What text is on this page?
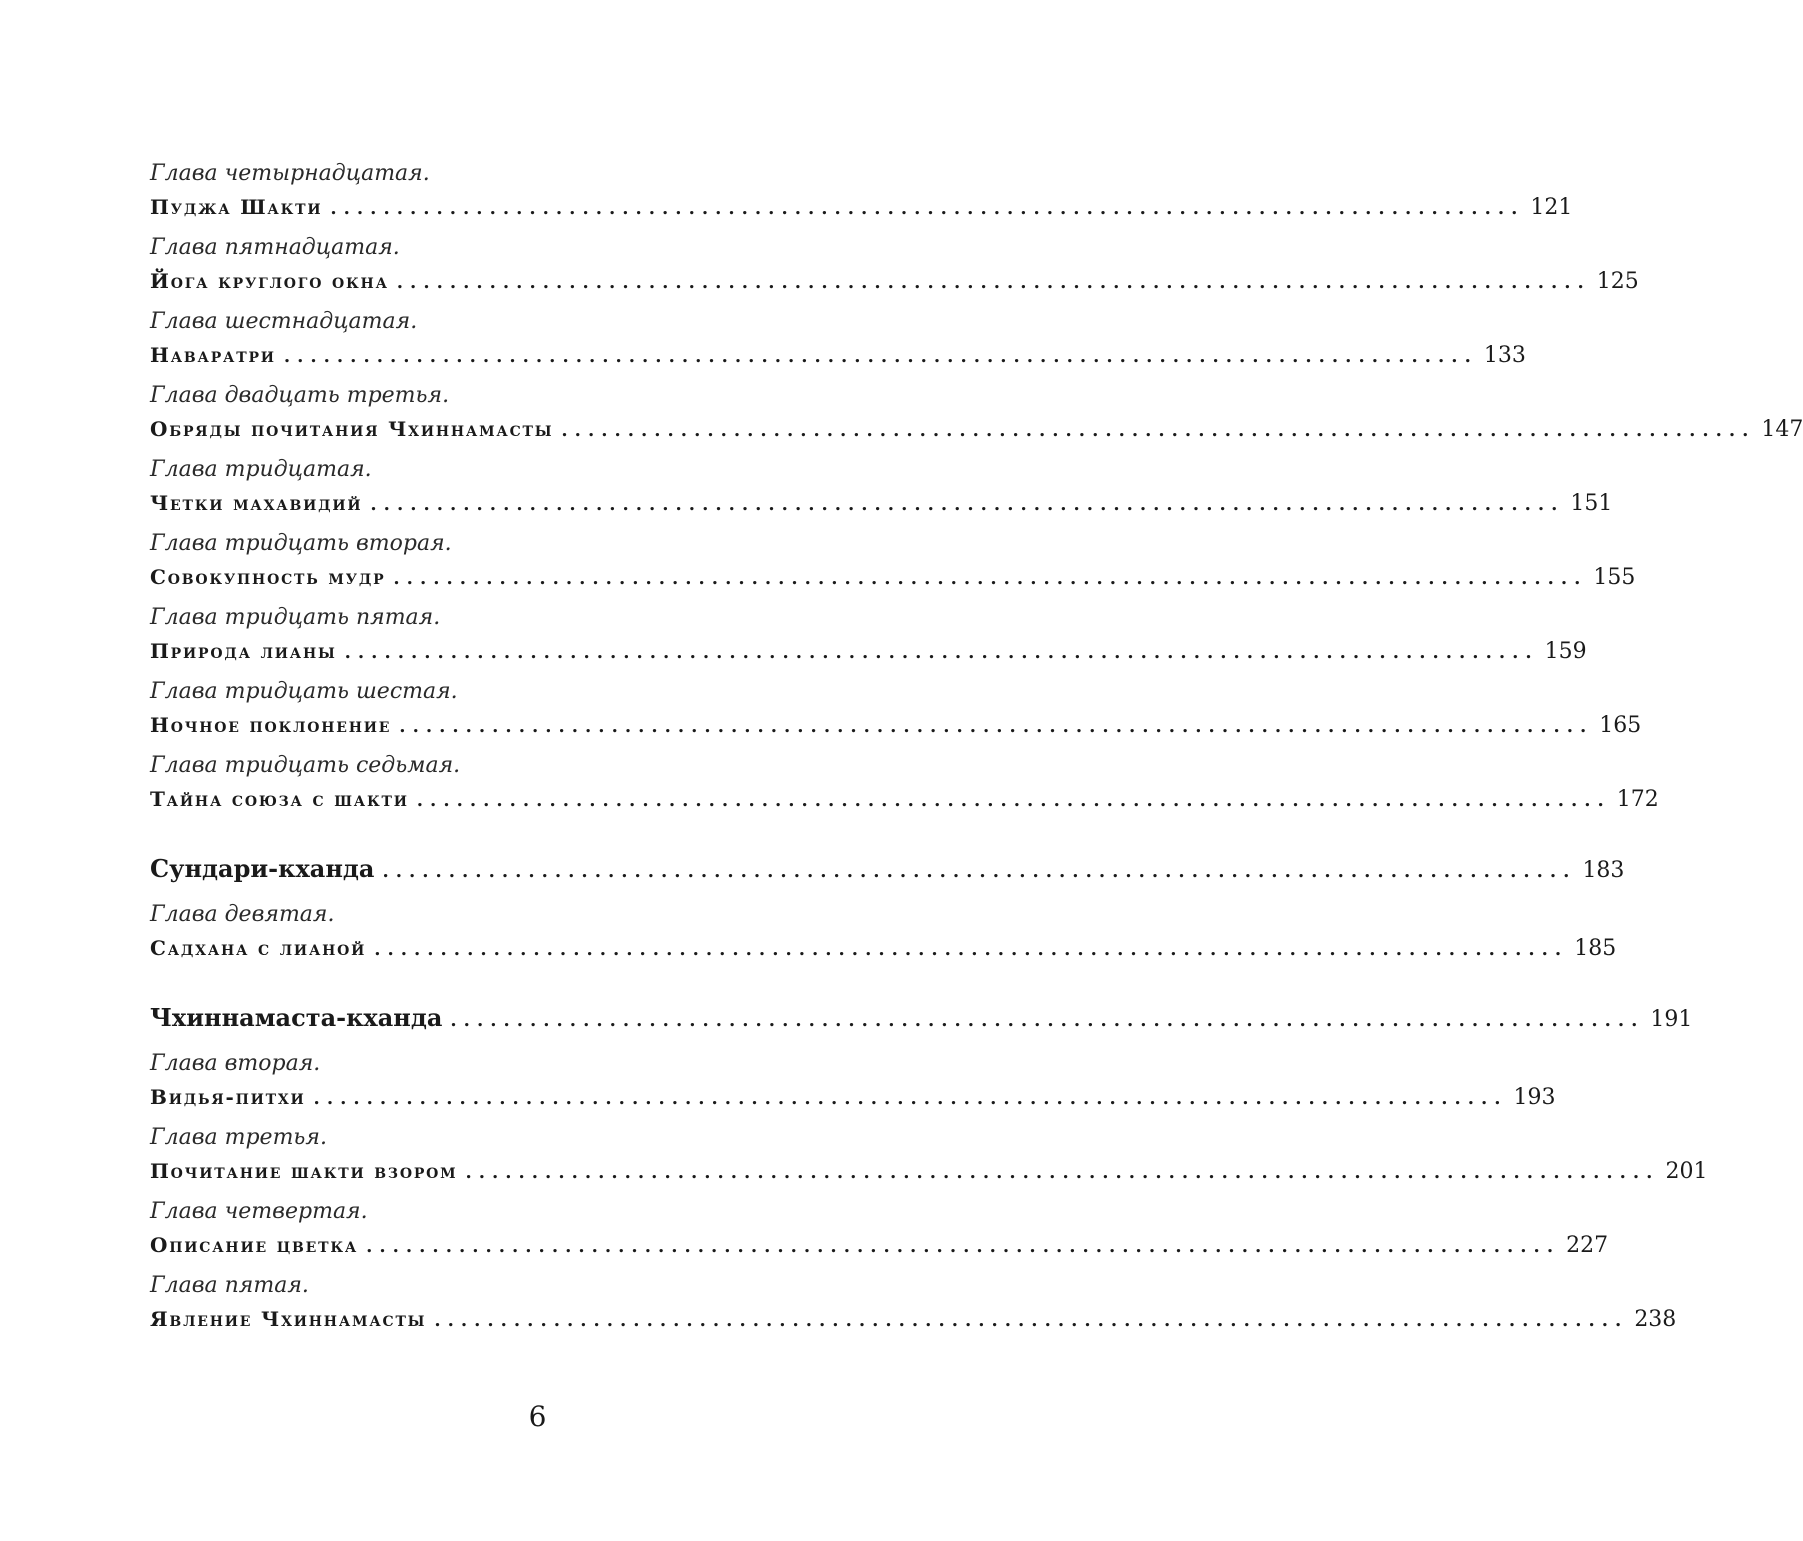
Глава четырнадцатая.
Пуджа Шакти .......................................................................................... 121
Глава пятнадцатая.
Йога круглого окна .......................................................................................... 125
Глава шестнадцатая.
Наваратри .......................................................................................... 133
Глава двадцать третья.
Обряды почитания Чхиннамасты .......................................................................................... 147
Глава тридцатая.
Четки махавидий .......................................................................................... 151
Глава тридцать вторая.
Совокупность мудр .......................................................................................... 155
Глава тридцать пятая.
Природа лианы .......................................................................................... 159
Глава тридцать шестая.
Ночное поклонение .......................................................................................... 165
Глава тридцать седьмая.
Тайна союза с шакти .......................................................................................... 172
Сундари-кханда .......................................................................................... 183
Глава девятая.
Садхана с лианой .......................................................................................... 185
Чхиннамаста-кханда .......................................................................................... 191
Глава вторая.
Видья-питхи .......................................................................................... 193
Глава третья.
Почитание шакти взором .......................................................................................... 201
Глава четвертая.
Описание цветка .......................................................................................... 227
Глава пятая.
Явление Чхиннамасты .......................................................................................... 238
6
